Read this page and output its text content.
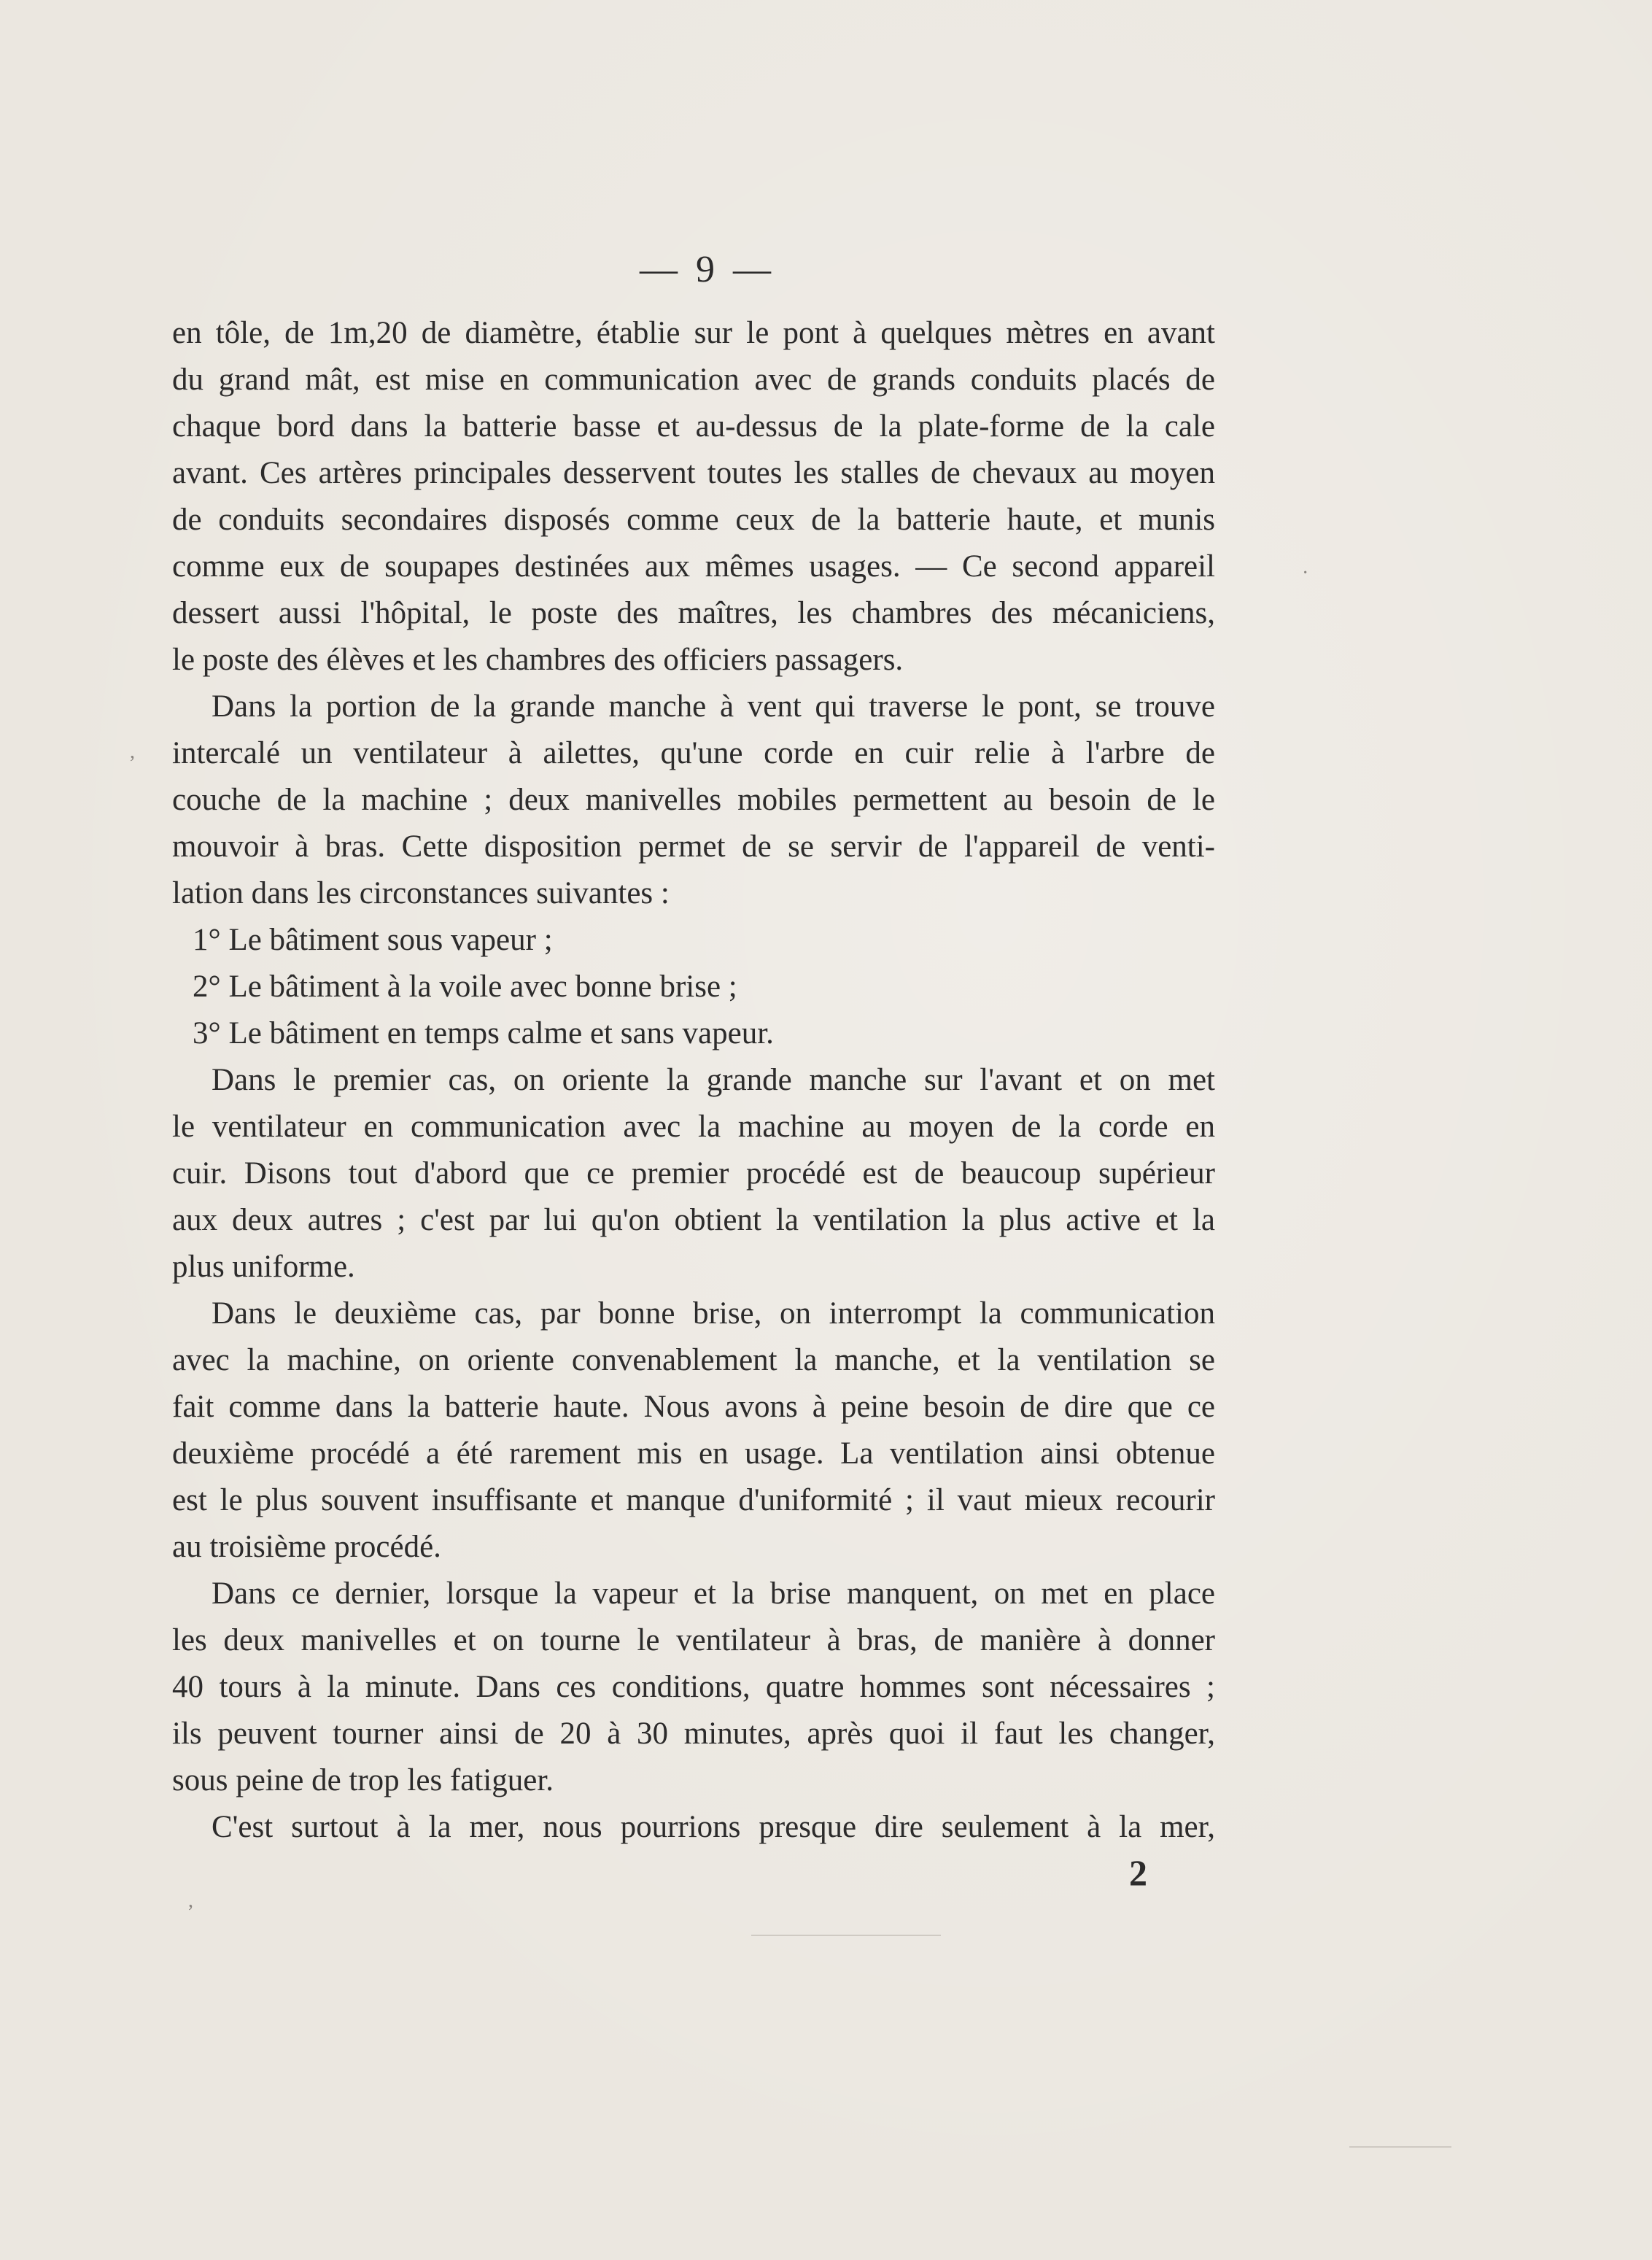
— 9 —
en tôle, de 1m,20 de diamètre, établie sur le pont à quelques mètres en avant
du grand mât, est mise en communication avec de grands conduits placés de
chaque bord dans la batterie basse et au-dessus de la plate-forme de la cale
avant. Ces artères principales desservent toutes les stalles de chevaux au moyen
de conduits secondaires disposés comme ceux de la batterie haute, et munis
comme eux de soupapes destinées aux mêmes usages. — Ce second appareil
dessert aussi l'hôpital, le poste des maîtres, les chambres des mécaniciens,
le poste des élèves et les chambres des officiers passagers.
Dans la portion de la grande manche à vent qui traverse le pont, se trouve
intercalé un ventilateur à ailettes, qu'une corde en cuir relie à l'arbre de
couche de la machine ; deux manivelles mobiles permettent au besoin de le
mouvoir à bras. Cette disposition permet de se servir de l'appareil de venti-
lation dans les circonstances suivantes :
1° Le bâtiment sous vapeur ;
2° Le bâtiment à la voile avec bonne brise ;
3° Le bâtiment en temps calme et sans vapeur.
Dans le premier cas, on oriente la grande manche sur l'avant et on met
le ventilateur en communication avec la machine au moyen de la corde en
cuir. Disons tout d'abord que ce premier procédé est de beaucoup supérieur
aux deux autres ; c'est par lui qu'on obtient la ventilation la plus active et la
plus uniforme.
Dans le deuxième cas, par bonne brise, on interrompt la communication
avec la machine, on oriente convenablement la manche, et la ventilation se
fait comme dans la batterie haute. Nous avons à peine besoin de dire que ce
deuxième procédé a été rarement mis en usage. La ventilation ainsi obtenue
est le plus souvent insuffisante et manque d'uniformité ; il vaut mieux recourir
au troisième procédé.
Dans ce dernier, lorsque la vapeur et la brise manquent, on met en place
les deux manivelles et on tourne le ventilateur à bras, de manière à donner
40 tours à la minute. Dans ces conditions, quatre hommes sont nécessaires ;
ils peuvent tourner ainsi de 20 à 30 minutes, après quoi il faut les changer,
sous peine de trop les fatiguer.
C'est surtout à la mer, nous pourrions presque dire seulement à la mer,
2
·
,
,
